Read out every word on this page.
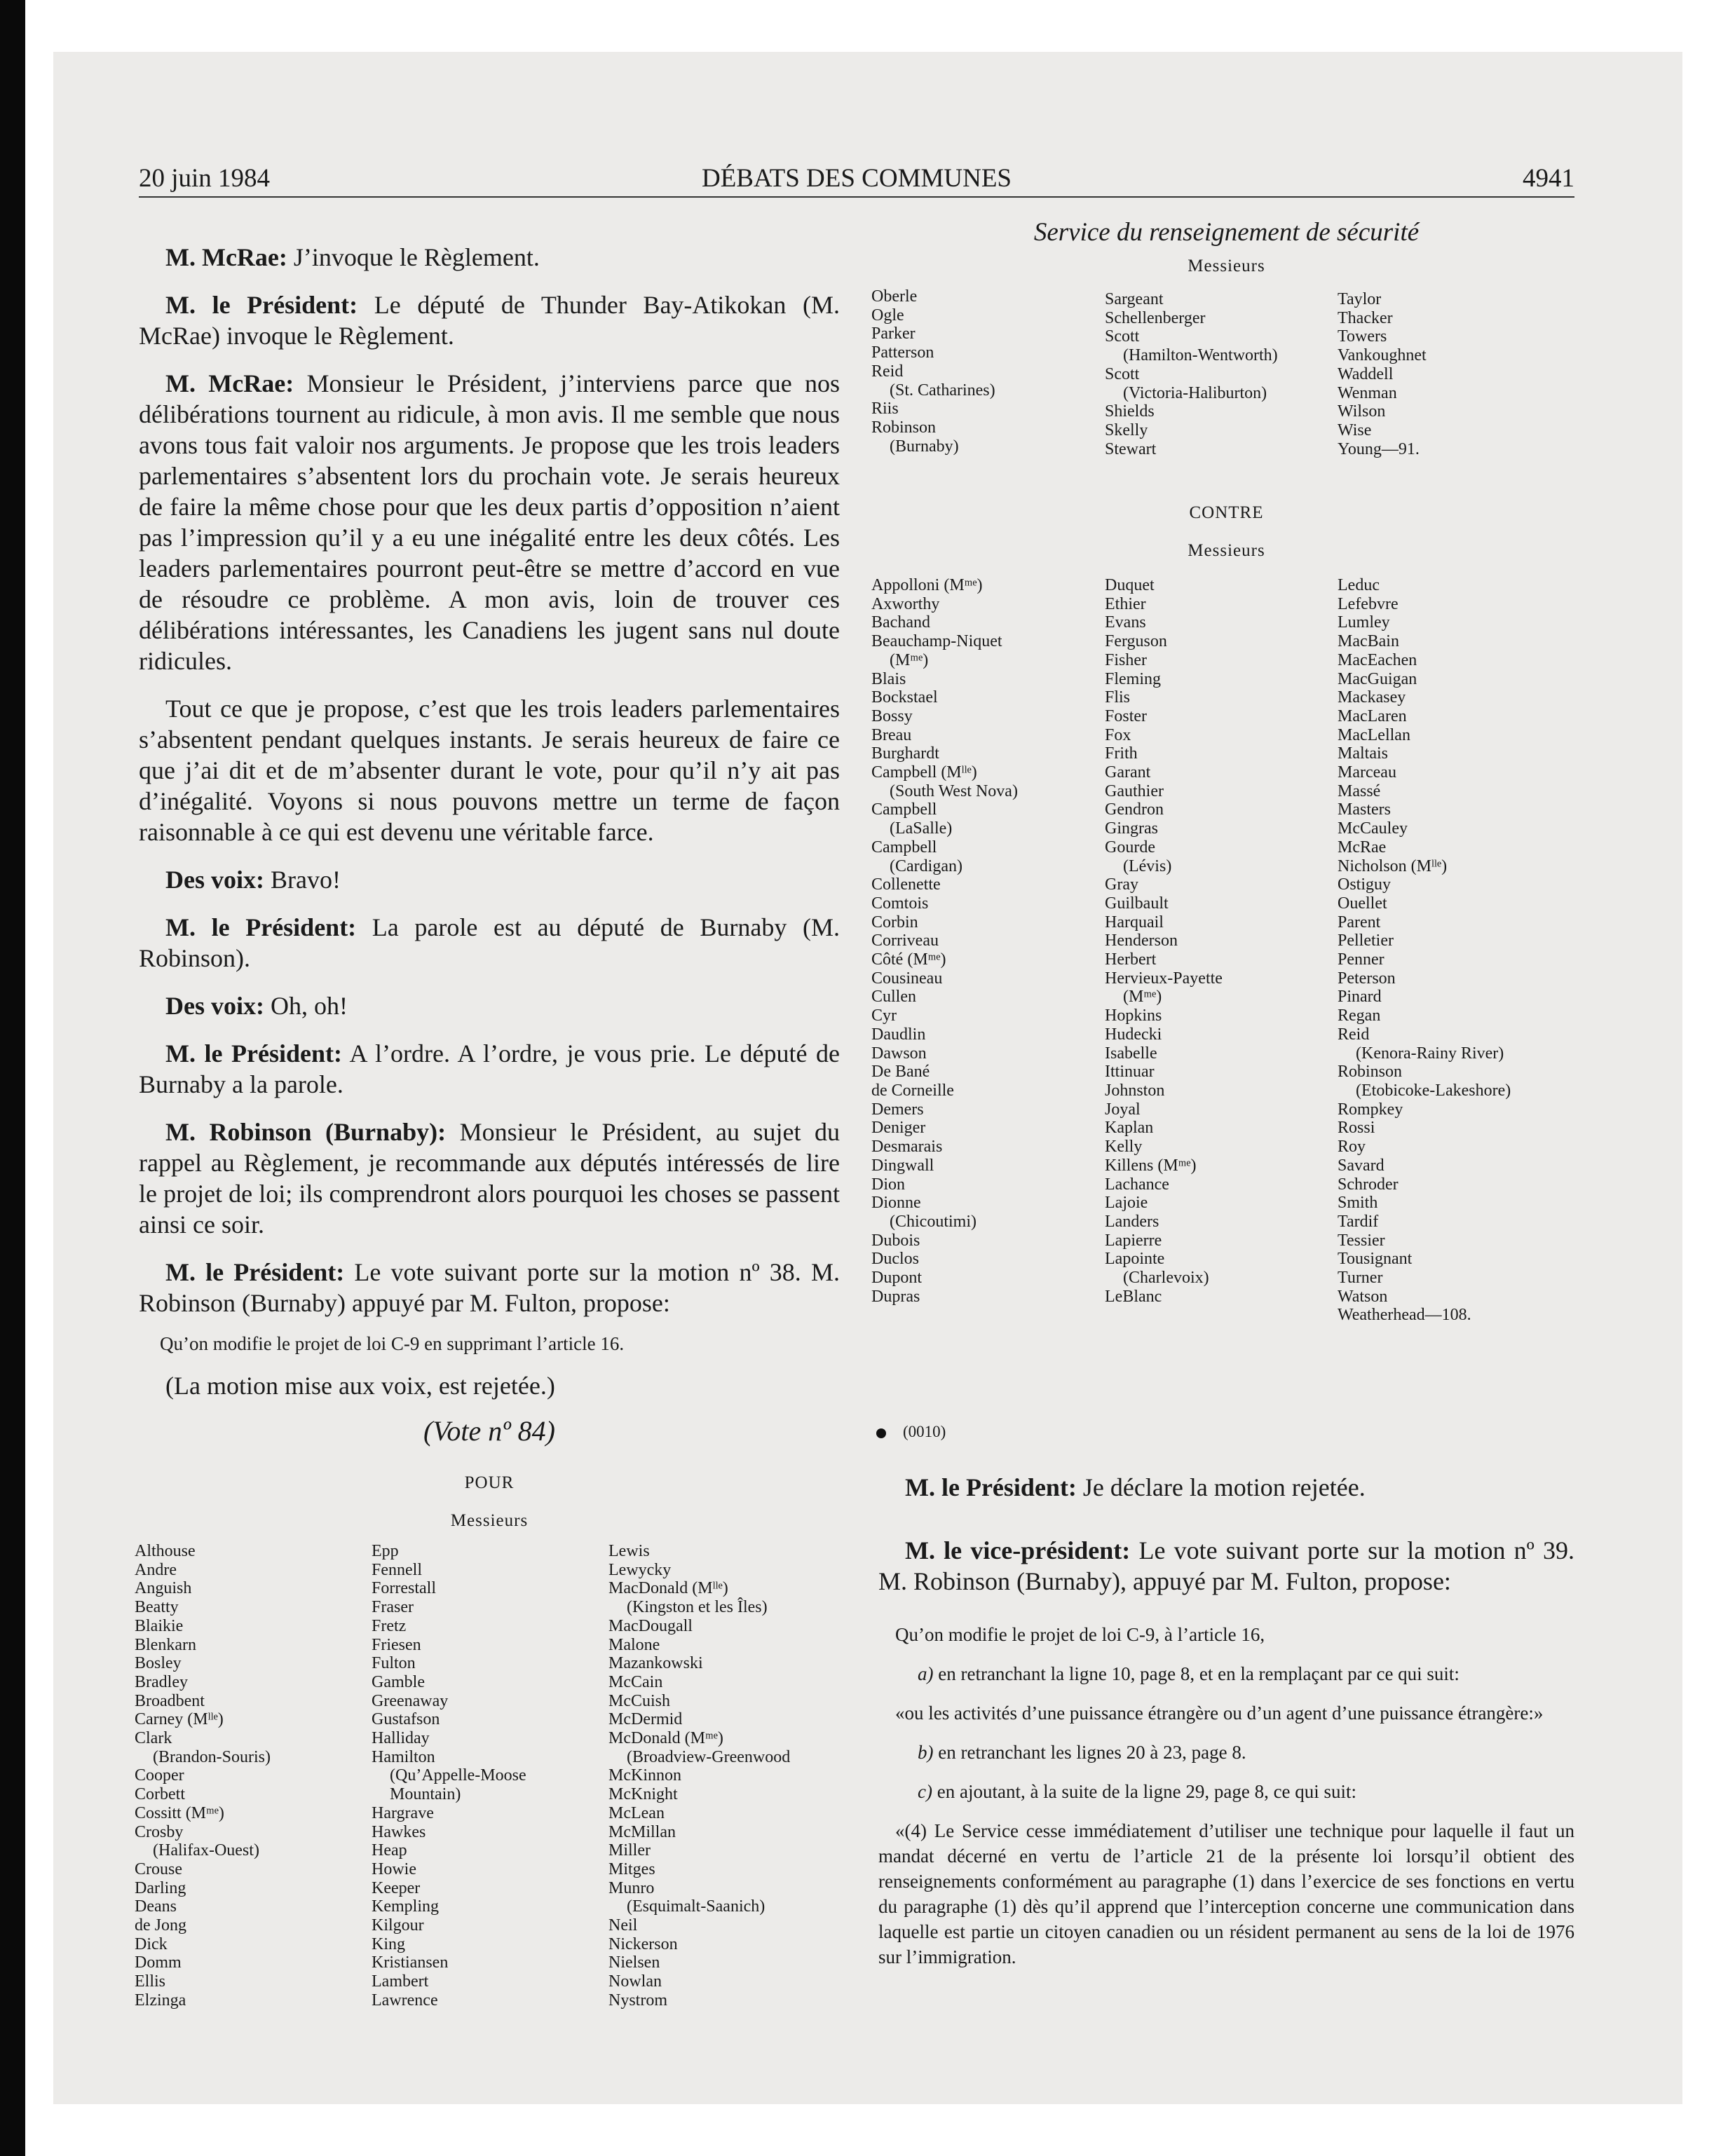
20 juin 1984	DÉBATS DES COMMUNES	4941

M. McRae: J’invoque le Règlement.

M. le Président: Le député de Thunder Bay-Atikokan (M. McRae) invoque le Règlement.

M. McRae: Monsieur le Président, j’interviens parce que nos délibérations tournent au ridicule, à mon avis. Il me semble que nous avons tous fait valoir nos arguments. Je propose que les trois leaders parlementaires s’absentent lors du prochain vote. Je serais heureux de faire la même chose pour que les deux partis d’opposition n’aient pas l’impression qu’il y a eu une inégalité entre les deux côtés. Les leaders parlementaires pourront peut-être se mettre d’accord en vue de résoudre ce problème. A mon avis, loin de trouver ces délibérations intéressantes, les Canadiens les jugent sans nul doute ridicules.

Tout ce que je propose, c’est que les trois leaders parlementaires s’absentent pendant quelques instants. Je serais heureux de faire ce que j’ai dit et de m’absenter durant le vote, pour qu’il n’y ait pas d’inégalité. Voyons si nous pouvons mettre un terme de façon raisonnable à ce qui est devenu une véritable farce.

Des voix: Bravo!

M. le Président: La parole est au député de Burnaby (M. Robinson).

Des voix: Oh, oh!

M. le Président: A l’ordre. A l’ordre, je vous prie. Le député de Burnaby a la parole.

M. Robinson (Burnaby): Monsieur le Président, au sujet du rappel au Règlement, je recommande aux députés intéressés de lire le projet de loi; ils comprendront alors pourquoi les choses se passent ainsi ce soir.

M. le Président: Le vote suivant porte sur la motion nº 38. M. Robinson (Burnaby) appuyé par M. Fulton, propose:

Qu’on modifie le projet de loi C-9 en supprimant l’article 16.

(La motion mise aux voix, est rejetée.)

(Vote nº 84)
POUR
Messieurs
Althouse
Andre
Anguish
Beatty
Blaikie
Blenkarn
Bosley
Bradley
Broadbent
Carney (Mˡˡᵉ)
Clark
(Brandon-Souris)
Cooper
Corbett
Cossitt (Mᵐᵉ)
Crosby
(Halifax-Ouest)
Crouse
Darling
Deans
de Jong
Dick
Domm
Ellis
Elzinga
Epp
Fennell
Forrestall
Fraser
Fretz
Friesen
Fulton
Gamble
Greenaway
Gustafson
Halliday
Hamilton
(Qu’Appelle-Moose
Mountain)
Hargrave
Hawkes
Heap
Howie
Keeper
Kempling
Kilgour
King
Kristiansen
Lambert
Lawrence
Lewis
Lewycky
MacDonald (Mˡˡᵉ)
(Kingston et les Îles)
MacDougall
Malone
Mazankowski
McCain
McCuish
McDermid
McDonald (Mᵐᵉ)
(Broadview-Greenwood
McKinnon
McKnight
McLean
McMillan
Miller
Mitges
Munro
(Esquimalt-Saanich)
Neil
Nickerson
Nielsen
Nowlan
Nystrom
Service du renseignement de sécurité
Messieurs
Oberle
Ogle
Parker
Patterson
Reid
(St. Catharines)
Riis
Robinson
(Burnaby)
Sargeant
Schellenberger
Scott
(Hamilton-Wentworth)
Scott
(Victoria-Haliburton)
Shields
Skelly
Stewart
Taylor
Thacker
Towers
Vankoughnet
Waddell
Wenman
Wilson
Wise
Young—91.
CONTRE
Messieurs
Appolloni (Mᵐᵉ)
Axworthy
Bachand
Beauchamp-Niquet
(Mᵐᵉ)
Blais
Bockstael
Bossy
Breau
Burghardt
Campbell (Mˡˡᵉ)
(South West Nova)
Campbell
(LaSalle)
Campbell
(Cardigan)
Collenette
Comtois
Corbin
Corriveau
Côté (Mᵐᵉ)
Cousineau
Cullen
Cyr
Daudlin
Dawson
De Bané
de Corneille
Demers
Deniger
Desmarais
Dingwall
Dion
Dionne
(Chicoutimi)
Dubois
Duclos
Dupont
Dupras
Duquet
Ethier
Evans
Ferguson
Fisher
Fleming
Flis
Foster
Fox
Frith
Garant
Gauthier
Gendron
Gingras
Gourde
(Lévis)
Gray
Guilbault
Harquail
Henderson
Herbert
Hervieux-Payette
(Mᵐᵉ)
Hopkins
Hudecki
Isabelle
Ittinuar
Johnston
Joyal
Kaplan
Kelly
Killens (Mᵐᵉ)
Lachance
Lajoie
Landers
Lapierre
Lapointe
(Charlevoix)
LeBlanc
Leduc
Lefebvre
Lumley
MacBain
MacEachen
MacGuigan
Mackasey
MacLaren
MacLellan
Maltais
Marceau
Massé
Masters
McCauley
McRae
Nicholson (Mˡˡᵉ)
Ostiguy
Ouellet
Parent
Pelletier
Penner
Peterson
Pinard
Regan
Reid
(Kenora-Rainy River)
Robinson
(Etobicoke-Lakeshore)
Rompkey
Rossi
Roy
Savard
Schroder
Smith
Tardif
Tessier
Tousignant
Turner
Watson
Weatherhead—108.
(0010)

M. le Président: Je déclare la motion rejetée.

M. le vice-président: Le vote suivant porte sur la motion nº 39. M. Robinson (Burnaby), appuyé par M. Fulton, propose:

Qu’on modifie le projet de loi C-9, à l’article 16,

a) en retranchant la ligne 10, page 8, et en la remplaçant par ce qui suit:

«ou les activités d’une puissance étrangère ou d’un agent d’une puissance étrangère:»

b) en retranchant les lignes 20 à 23, page 8.

c) en ajoutant, à la suite de la ligne 29, page 8, ce qui suit:

«(4) Le Service cesse immédiatement d’utiliser une technique pour laquelle il faut un mandat décerné en vertu de l’article 21 de la présente loi lorsqu’il obtient des renseignements conformément au paragraphe (1) dans l’exercice de ses fonctions en vertu du paragraphe (1) dès qu’il apprend que l’interception concerne une communication dans laquelle est partie un citoyen canadien ou un résident permanent au sens de la loi de 1976 sur l’immigration.
